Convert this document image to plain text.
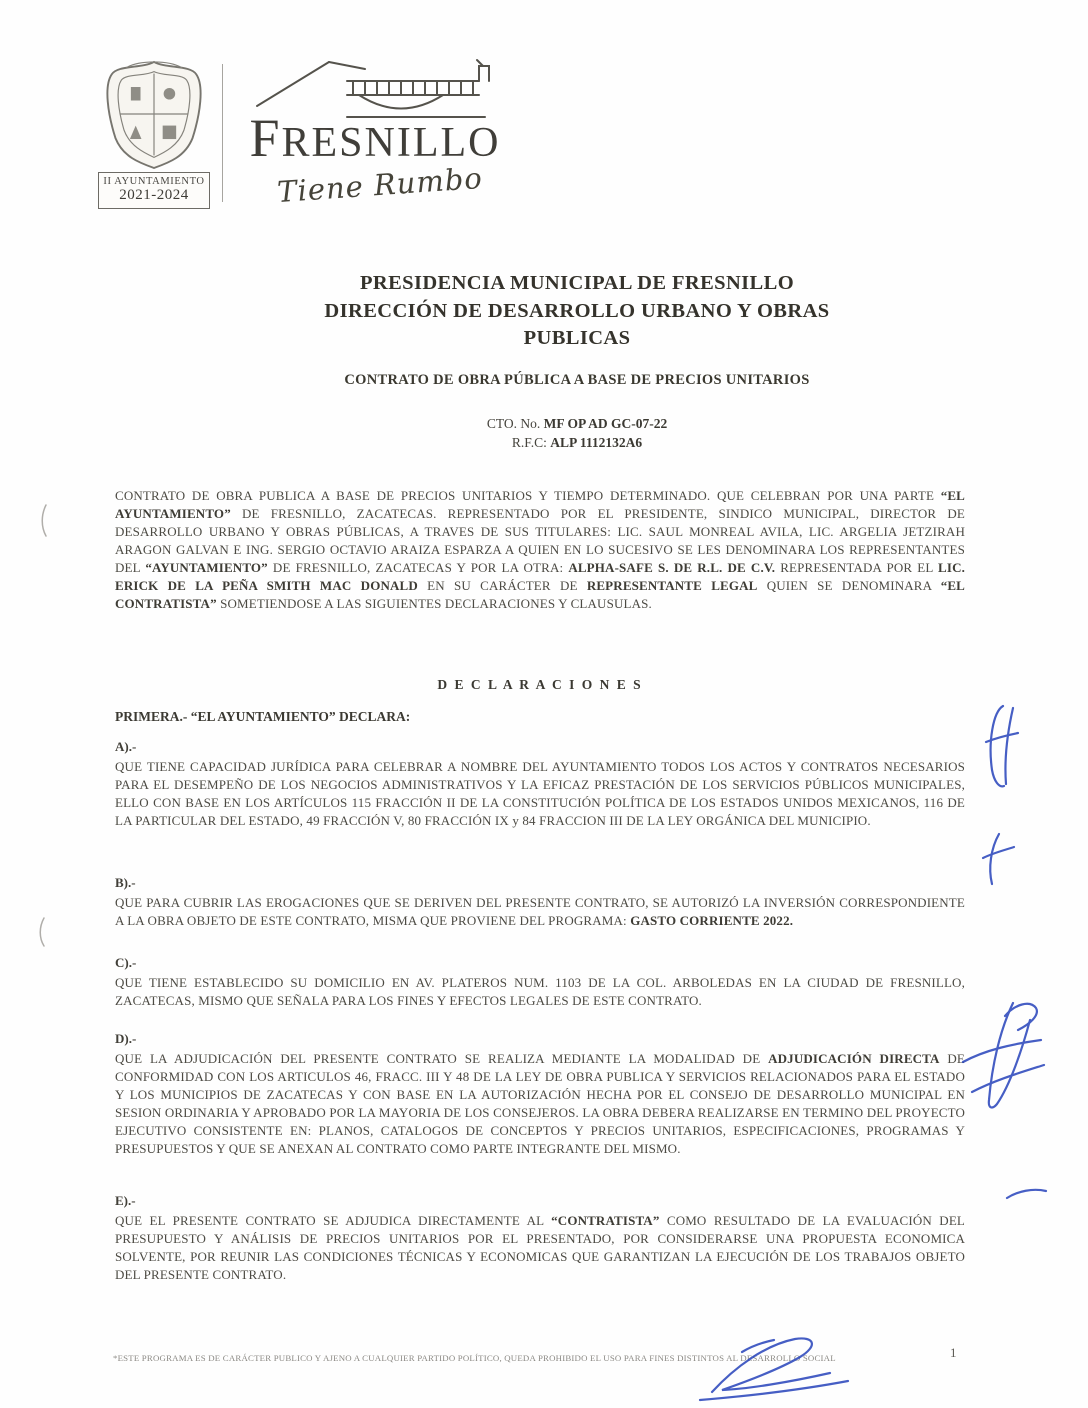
II AYUNTAMIENTO
2021-2024
FRESNILLO
Tiene Rumbo
PRESIDENCIA MUNICIPAL DE FRESNILLO
DIRECCIÓN DE DESARROLLO URBANO Y OBRAS
PUBLICAS
CONTRATO DE OBRA PÚBLICA A BASE DE PRECIOS UNITARIOS
CTO. No. MF OP AD GC-07-22
R.F.C: ALP 1112132A6

CONTRATO DE OBRA PUBLICA A BASE DE PRECIOS UNITARIOS Y TIEMPO DETERMINADO. QUE CELEBRAN POR UNA PARTE “EL AYUNTAMIENTO” DE FRESNILLO, ZACATECAS. REPRESENTADO POR EL PRESIDENTE, SINDICO MUNICIPAL, DIRECTOR DE DESARROLLO URBANO Y OBRAS PÚBLICAS, A TRAVES DE SUS TITULARES: LIC. SAUL MONREAL AVILA, LIC. ARGELIA JETZIRAH ARAGON GALVAN E ING. SERGIO OCTAVIO ARAIZA ESPARZA A QUIEN EN LO SUCESIVO SE LES DENOMINARA LOS REPRESENTANTES DEL “AYUNTAMIENTO” DE FRESNILLO, ZACATECAS Y POR LA OTRA: ALPHA-SAFE S. DE R.L. DE C.V. REPRESENTADA POR EL LIC. ERICK DE LA PEÑA SMITH MAC DONALD EN SU CARÁCTER DE REPRESENTANTE LEGAL QUIEN SE DENOMINARA “EL CONTRATISTA” SOMETIENDOSE A LAS SIGUIENTES DECLARACIONES Y CLAUSULAS.

D E C L A R A C I O N E S
PRIMERA.- “EL AYUNTAMIENTO” DECLARA:
A).-

QUE TIENE CAPACIDAD JURÍDICA PARA CELEBRAR A NOMBRE DEL AYUNTAMIENTO TODOS LOS ACTOS Y CONTRATOS NECESARIOS PARA EL DESEMPEÑO DE LOS NEGOCIOS ADMINISTRATIVOS Y LA EFICAZ PRESTACIÓN DE LOS SERVICIOS PÚBLICOS MUNICIPALES, ELLO CON BASE EN LOS ARTÍCULOS 115 FRACCIÓN II DE LA CONSTITUCIÓN POLÍTICA DE LOS ESTADOS UNIDOS MEXICANOS, 116 DE LA PARTICULAR DEL ESTADO, 49 FRACCIÓN V, 80 FRACCIÓN IX y 84 FRACCION III DE LA LEY ORGÁNICA DEL MUNICIPIO.

B).-

QUE PARA CUBRIR LAS EROGACIONES QUE SE DERIVEN DEL PRESENTE CONTRATO, SE AUTORIZÓ LA INVERSIÓN CORRESPONDIENTE A LA OBRA OBJETO DE ESTE CONTRATO, MISMA QUE PROVIENE DEL PROGRAMA: GASTO CORRIENTE 2022.

C).-

QUE TIENE ESTABLECIDO SU DOMICILIO EN AV. PLATEROS NUM. 1103 DE LA COL. ARBOLEDAS EN LA CIUDAD DE FRESNILLO, ZACATECAS, MISMO QUE SEÑALA PARA LOS FINES Y EFECTOS LEGALES DE ESTE CONTRATO.

D).-

QUE LA ADJUDICACIÓN DEL PRESENTE CONTRATO SE REALIZA MEDIANTE LA MODALIDAD DE ADJUDICACIÓN DIRECTA DE CONFORMIDAD CON LOS ARTICULOS 46, FRACC. III Y 48 DE LA LEY DE OBRA PUBLICA Y SERVICIOS RELACIONADOS PARA EL ESTADO Y LOS MUNICIPIOS DE ZACATECAS Y CON BASE EN LA AUTORIZACIÓN HECHA POR EL CONSEJO DE DESARROLLO MUNICIPAL EN SESION ORDINARIA Y APROBADO POR LA MAYORIA DE LOS CONSEJEROS. LA OBRA DEBERA REALIZARSE EN TERMINO DEL PROYECTO EJECUTIVO CONSISTENTE EN: PLANOS, CATALOGOS DE CONCEPTOS Y PRECIOS UNITARIOS, ESPECIFICACIONES, PROGRAMAS Y PRESUPUESTOS Y QUE SE ANEXAN AL CONTRATO COMO PARTE INTEGRANTE DEL MISMO.

E).-

QUE EL PRESENTE CONTRATO SE ADJUDICA DIRECTAMENTE AL “CONTRATISTA” COMO RESULTADO DE LA EVALUACIÓN DEL PRESUPUESTO Y ANÁLISIS DE PRECIOS UNITARIOS POR EL PRESENTADO, POR CONSIDERARSE UNA PROPUESTA ECONOMICA SOLVENTE, POR REUNIR LAS CONDICIONES TÉCNICAS Y ECONOMICAS QUE GARANTIZAN LA EJECUCIÓN DE LOS TRABAJOS OBJETO DEL PRESENTE CONTRATO.

*ESTE PROGRAMA ES DE CARÁCTER PUBLICO Y AJENO A CUALQUIER PARTIDO POLÍTICO, QUEDA PROHIBIDO EL USO PARA FINES DISTINTOS AL DESARROLLO SOCIAL	1
